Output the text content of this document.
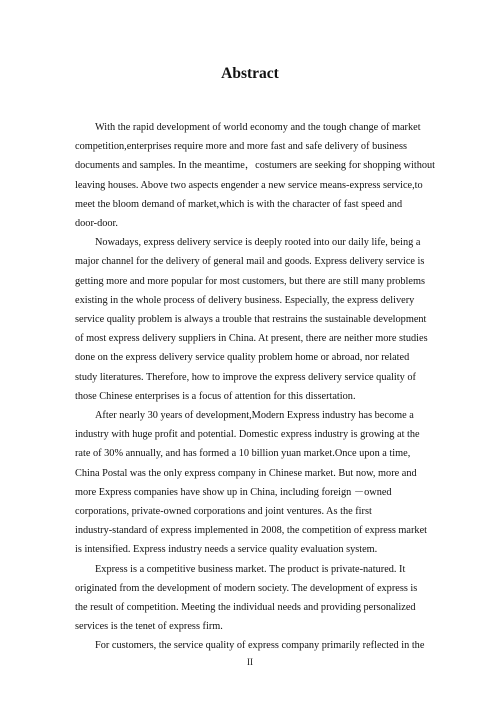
Abstract

With the rapid development of world economy and the tough change of market
competition,enterprises require more and more fast and safe delivery of business
documents and samples. In the meantime，costumers are seeking for shopping without
leaving houses. Above two aspects engender a new service means-express service,to
meet the bloom demand of market,which is with the character of fast speed and
door-door.

Nowadays, express delivery service is deeply rooted into our daily life, being a
major channel for the delivery of general mail and goods. Express delivery service is
getting more and more popular for most customers, but there are still many problems
existing in the whole process of delivery business. Especially, the express delivery
service quality problem is always a trouble that restrains the sustainable development
of most express delivery suppliers in China. At present, there are neither more studies
done on the express delivery service quality problem home or abroad, nor related
study literatures. Therefore, how to improve the express delivery service quality of
those Chinese enterprises is a focus of attention for this dissertation.

After nearly 30 years of development,Modern Express industry has become a
industry with huge profit and potential. Domestic express industry is growing at the
rate of 30% annually, and has formed a 10 billion yuan market.Once upon a time,
China Postal was the only express company in Chinese market. But now, more and
more Express companies have show up in China, including foreign －owned
corporations, private-owned corporations and joint ventures. As the first
industry-standard of express implemented in 2008, the competition of express market
is intensified. Express industry needs a service quality evaluation system.

Express is a competitive business market. The product is private-natured. It
originated from the development of modern society. The development of express is
the result of competition. Meeting the individual needs and providing personalized
services is the tenet of express firm.

For customers, the service quality of express company primarily reflected in the

II
